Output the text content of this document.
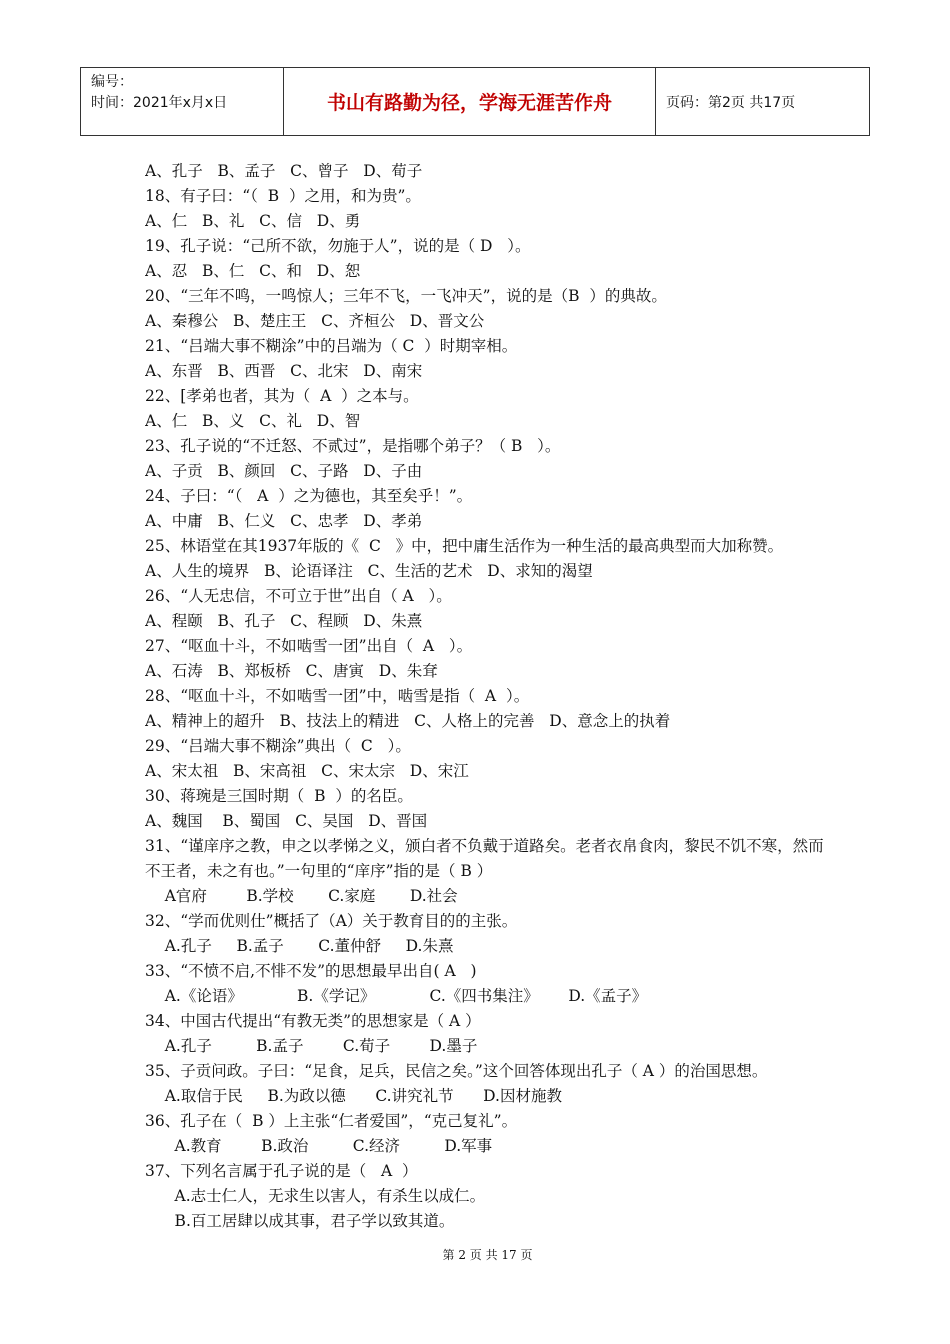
编号：
时间：2021年x月x日	书山有路勤为径，学海无涯苦作舟	页码：第2页 共17页
A、孔子   B、孟子   C、曾子   D、荀子
18、有子曰：“（  B  ）之用，和为贵”。
A、仁   B、礼   C、信   D、勇
19、孔子说：“己所不欲，勿施于人”，说的是（ D   ）。
A、忍   B、仁   C、和   D、恕
20、“三年不鸣，一鸣惊人；三年不飞，一飞冲天”，说的是（B  ）的典故。
A、秦穆公   B、楚庄王   C、齐桓公   D、晋文公
21、“吕端大事不糊涂”中的吕端为（ C  ）时期宰相。
A、东晋   B、西晋   C、北宋   D、南宋
22、[孝弟也者，其为（  A  ）之本与。
A、仁   B、义   C、礼   D、智
23、孔子说的“不迁怒、不贰过”，是指哪个弟子？（ B   ）。
A、子贡   B、颜回   C、子路   D、子由
24、子曰：“（   A  ）之为德也，其至矣乎！”。
A、中庸   B、仁义   C、忠孝   D、孝弟
25、林语堂在其1937年版的《  C   》中，把中庸生活作为一种生活的最高典型而大加称赞。
A、人生的境界   B、论语译注   C、生活的艺术   D、求知的渴望
26、“人无忠信，不可立于世”出自（ A   ）。
A、程颐   B、孔子   C、程顾   D、朱熹
27、“呕血十斗，不如啮雪一团”出自（  A   ）。
A、石涛   B、郑板桥   C、唐寅   D、朱耷
28、“呕血十斗，不如啮雪一团”中，啮雪是指（  A  ）。
A、精神上的超升   B、技法上的精进   C、人格上的完善   D、意念上的执着
29、“吕端大事不糊涂”典出（  C   ）。
A、宋太祖   B、宋高祖   C、宋太宗   D、宋江
30、蒋琬是三国时期（  B  ）的名臣。
A、魏国    B、蜀国   C、吴国   D、晋国
31、“谨庠序之教，申之以孝悌之义，颁白者不负戴于道路矣。老者衣帛食肉，黎民不饥不寒，然而
不王者，未之有也。”一句里的“庠序”指的是（ B ）
A官府        B.学校       C.家庭       D.社会
32、“学而优则仕”概括了（A）关于教育目的的主张。
A.孔子     B.孟子       C.董仲舒     D.朱熹
33、“不愤不启,不悱不发”的思想最早出自( A   )
A.《论语》           B.《学记》           C.《四书集注》      D.《孟子》
34、中国古代提出“有教无类”的思想家是（ A ）
A.孔子         B.孟子        C.荀子        D.墨子
35、子贡问政。子曰：“足食，足兵，民信之矣。”这个回答体现出孔子（ A ）的治国思想。
A.取信于民     B.为政以德      C.讲究礼节      D.因材施教
36、孔子在（  B ）上主张“仁者爱国”，“克己复礼”。
A.教育        B.政治         C.经济         D.军事
37、下列名言属于孔子说的是（   A  ）
A.志士仁人，无求生以害人，有杀生以成仁。
B.百工居肆以成其事，君子学以致其道。
第 2 页 共 17 页
